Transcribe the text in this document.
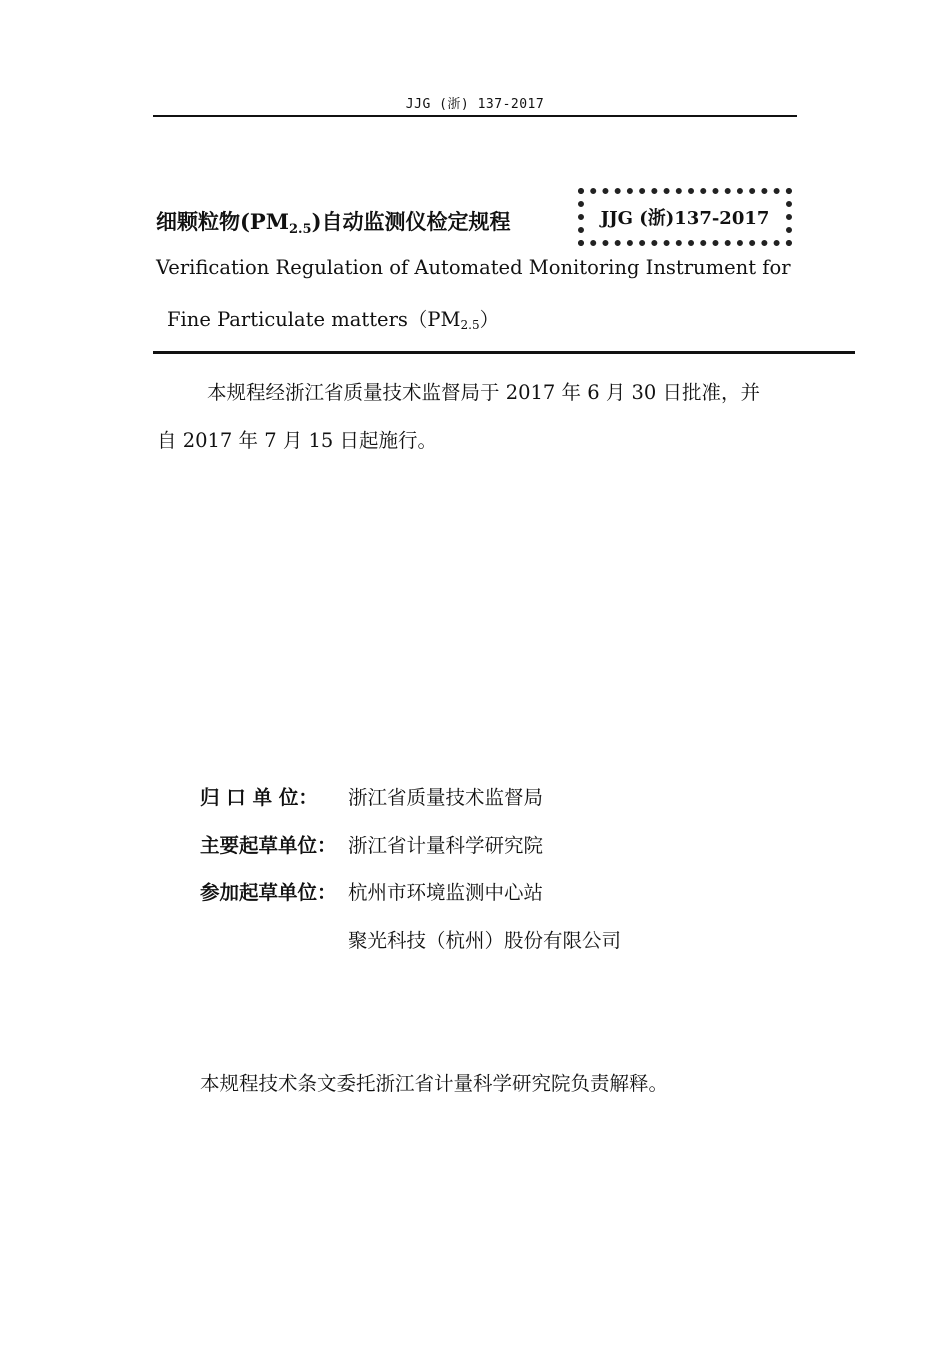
JJG (浙) 137-2017
细颗粒物$(PM_{2.5})$自动监测仪检定规程	JJG (浙)137-2017
Verification Regulation of Automated Monitoring Instrument for
Fine Particulate $matters(PM_{2.5})$
本规程经浙江省质量技术监督局于 2017 年 6 月 30 日批准，并
自 2017 年 7 月 15 日起施行。
归 口 单 位：	浙江省质量技术监督局
主要起草单位： 浙江省计量科学研究院
参加起草单位： 杭州市环境监测中心站
聚光科技（杭州）股份有限公司
本规程技术条文委托浙江省计量科学研究院负责解释。
